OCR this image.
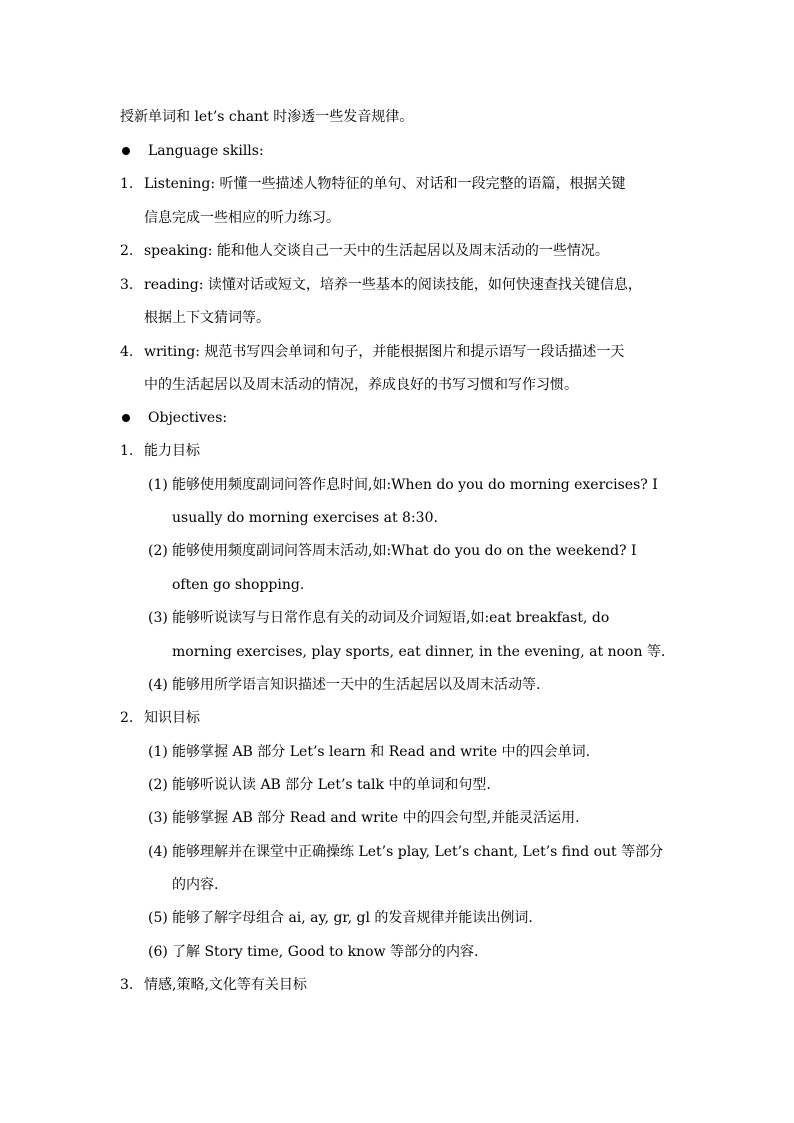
授新单词和 let’s chant 时渗透一些发音规律。
Language skills:
1. Listening: 听懂一些描述人物特征的单句、对话和一段完整的语篇，根据关键
信息完成一些相应的听力练习。
2. speaking: 能和他人交谈自己一天中的生活起居以及周末活动的一些情况。
3. reading: 读懂对话或短文，培养一些基本的阅读技能，如何快速查找关键信息，
根据上下文猜词等。
4. writing: 规范书写四会单词和句子，并能根据图片和提示语写一段话描述一天
中的生活起居以及周末活动的情况，养成良好的书写习惯和写作习惯。
Objectives:
1. 能力目标
(1) 能够使用频度副词问答作息时间,如:When do you do morning exercises? I
usually do morning exercises at 8:30.
(2) 能够使用频度副词问答周末活动,如:What do you do on the weekend? I
often go shopping.
(3) 能够听说读写与日常作息有关的动词及介词短语,如:eat breakfast, do
morning exercises, play sports, eat dinner, in the evening, at noon 等.
(4) 能够用所学语言知识描述一天中的生活起居以及周末活动等.
2. 知识目标
(1) 能够掌握 AB 部分 Let’s learn 和 Read and write 中的四会单词.
(2) 能够听说认读 AB 部分 Let’s talk 中的单词和句型.
(3) 能够掌握 AB 部分 Read and write 中的四会句型,并能灵活运用.
(4) 能够理解并在课堂中正确操练 Let’s play, Let’s chant, Let’s find out 等部分
的内容.
(5) 能够了解字母组合 ai, ay, gr, gl 的发音规律并能读出例词.
(6) 了解 Story time, Good to know 等部分的内容.
3. 情感,策略,文化等有关目标
